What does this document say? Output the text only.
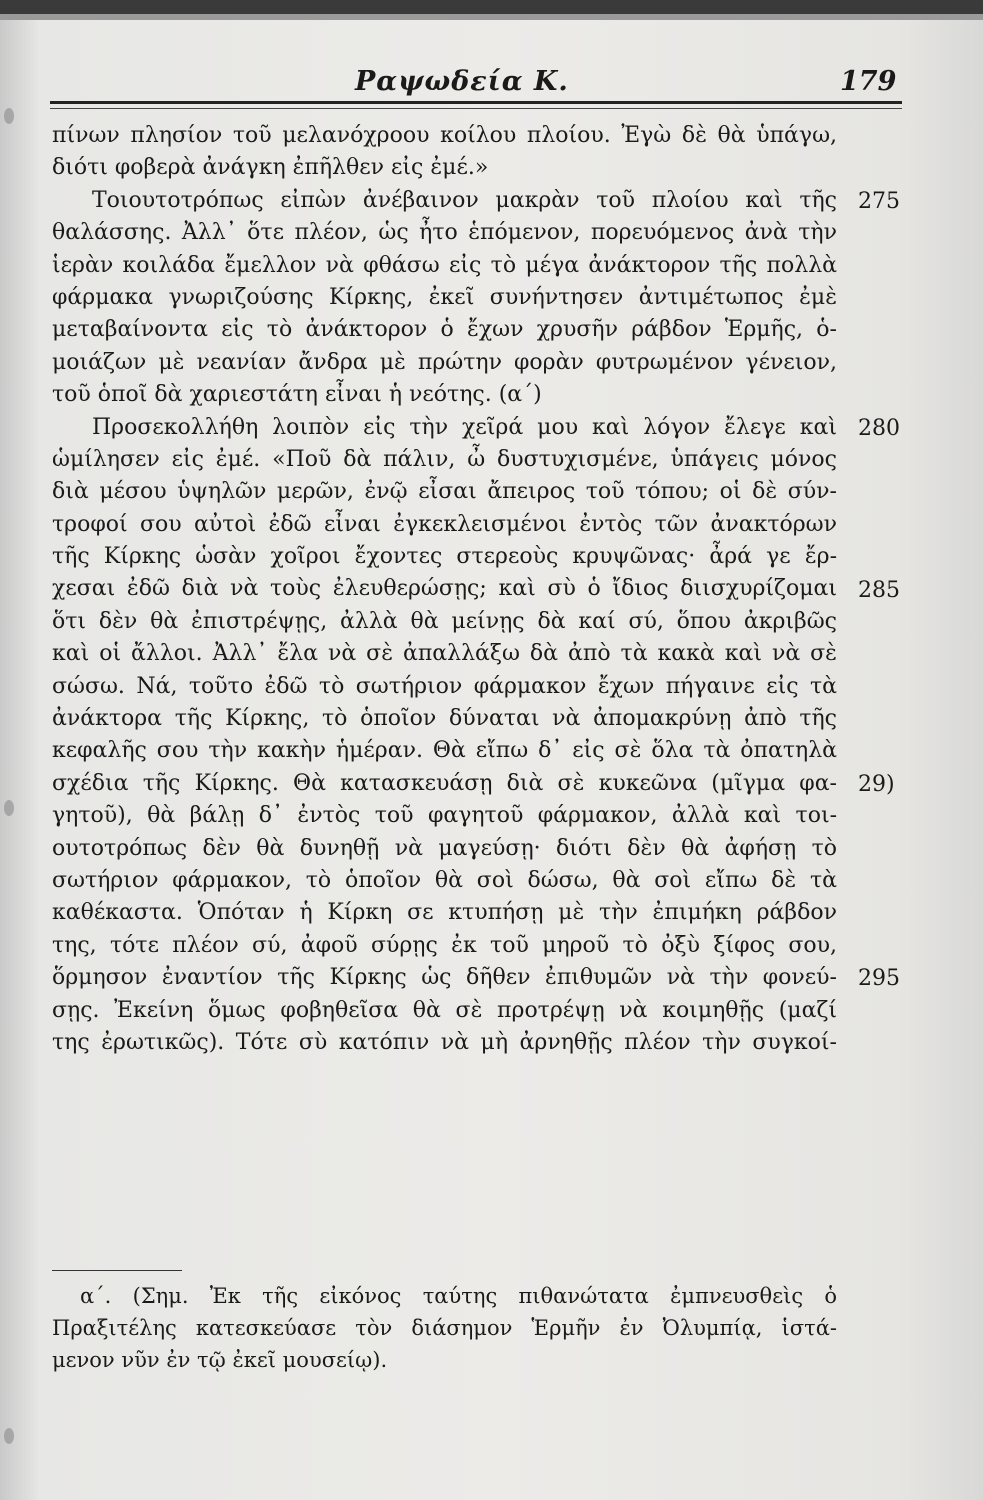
Ραψωδεία Κ.	179
πίνων πλησίον τοῦ μελανόχροου κοίλου πλοίου. Ἐγὼ δὲ θὰ ὑπάγω,
διότι φοβερὰ ἀνάγκη ἐπῆλθεν εἰς ἐμέ.»
Τοιουτοτρόπως εἰπὼν ἀνέβαινον μακρὰν τοῦ πλοίου καὶ τῆς
θαλάσσης. Ἀλλ᾽ ὅτε πλέον, ὡς ἦτο ἑπόμενον, πορευόμενος ἀνὰ τὴν
ἱερὰν κοιλάδα ἔμελλον νὰ φθάσω εἰς τὸ μέγα ἀνάκτορον τῆς πολλὰ
φάρμακα γνωριζούσης Κίρκης, ἐκεῖ συνήντησεν ἀντιμέτωπος ἐμὲ
μεταβαίνοντα εἰς τὸ ἀνάκτορον ὁ ἔχων χρυσῆν ράβδον Ἑρμῆς, ὁ-
μοιάζων μὲ νεανίαν ἄνδρα μὲ πρώτην φορὰν φυτρωμένον γένειον,
τοῦ ὁποῖ δὰ χαριεστάτη εἶναι ἡ νεότης. (α΄)
Προσεκολλήθη λοιπὸν εἰς τὴν χεῖρά μου καὶ λόγον ἔλεγε καὶ
ὡμίλησεν εἰς ἐμέ. «Ποῦ δὰ πάλιν, ὦ δυστυχισμένε, ὑπάγεις μόνος
διὰ μέσου ὑψηλῶν μερῶν, ἐνῷ εἶσαι ἄπειρος τοῦ τόπου; οἱ δὲ σύν-
τροφοί σου αὐτοὶ ἐδῶ εἶναι ἐγκεκλεισμένοι ἐντὸς τῶν ἀνακτόρων
τῆς Κίρκης ὡσὰν χοῖροι ἔχοντες στερεοὺς κρυψῶνας· ἆρά γε ἔρ-
χεσαι ἐδῶ διὰ νὰ τοὺς ἐλευθερώσῃς; καὶ σὺ ὁ ἴδιος διισχυρίζομαι
ὅτι δὲν θὰ ἐπιστρέψῃς, ἀλλὰ θὰ μείνῃς δὰ καί σύ, ὅπου ἀκριβῶς
καὶ οἱ ἄλλοι. Ἀλλ᾽ ἔλα νὰ σὲ ἀπαλλάξω δὰ ἀπὸ τὰ κακὰ καὶ νὰ σὲ
σώσω. Νά, τοῦτο ἐδῶ τὸ σωτήριον φάρμακον ἔχων πήγαινε εἰς τὰ
ἀνάκτορα τῆς Κίρκης, τὸ ὁποῖον δύναται νὰ ἀπομακρύνῃ ἀπὸ τῆς
κεφαλῆς σου τὴν κακὴν ἡμέραν. Θὰ εἴπω δ᾽ εἰς σὲ ὅλα τὰ ὀπατηλὰ
σχέδια τῆς Κίρκης. Θὰ κατασκευάσῃ διὰ σὲ κυκεῶνα (μῖγμα φα-
γητοῦ), θὰ βάλῃ δ᾽ ἐντὸς τοῦ φαγητοῦ φάρμακον, ἀλλὰ καὶ τοι-
ουτοτρόπως δὲν θὰ δυνηθῇ νὰ μαγεύσῃ· διότι δὲν θὰ ἀφήσῃ τὸ
σωτήριον φάρμακον, τὸ ὁποῖον θὰ σοὶ δώσω, θὰ σοὶ εἴπω δὲ τὰ
καθέκαστα. Ὁπόταν ἡ Κίρκη σε κτυπήσῃ μὲ τὴν ἐπιμήκη ράβδον
της, τότε πλέον σύ, ἀφοῦ σύρῃς ἐκ τοῦ μηροῦ τὸ ὀξὺ ξίφος σου,
ὅρμησον ἐναντίον τῆς Κίρκης ὡς δῆθεν ἐπιθυμῶν νὰ τὴν φονεύ-
σῃς. Ἐκείνη ὅμως φοβηθεῖσα θὰ σὲ προτρέψῃ νὰ κοιμηθῇς (μαζί
της ἐρωτικῶς). Τότε σὺ κατόπιν νὰ μὴ ἀρνηθῇς πλέον τὴν συγκοί-
275
280
285
29)
295
α΄. (Σημ. Ἐκ τῆς εἰκόνος ταύτης πιθανώτατα ἐμπνευσθεὶς ὁ
Πραξιτέλης κατεσκεύασε τὸν διάσημον Ἑρμῆν ἐν Ὀλυμπίᾳ, ἱστά-
μενον νῦν ἐν τῷ ἐκεῖ μουσείῳ).
